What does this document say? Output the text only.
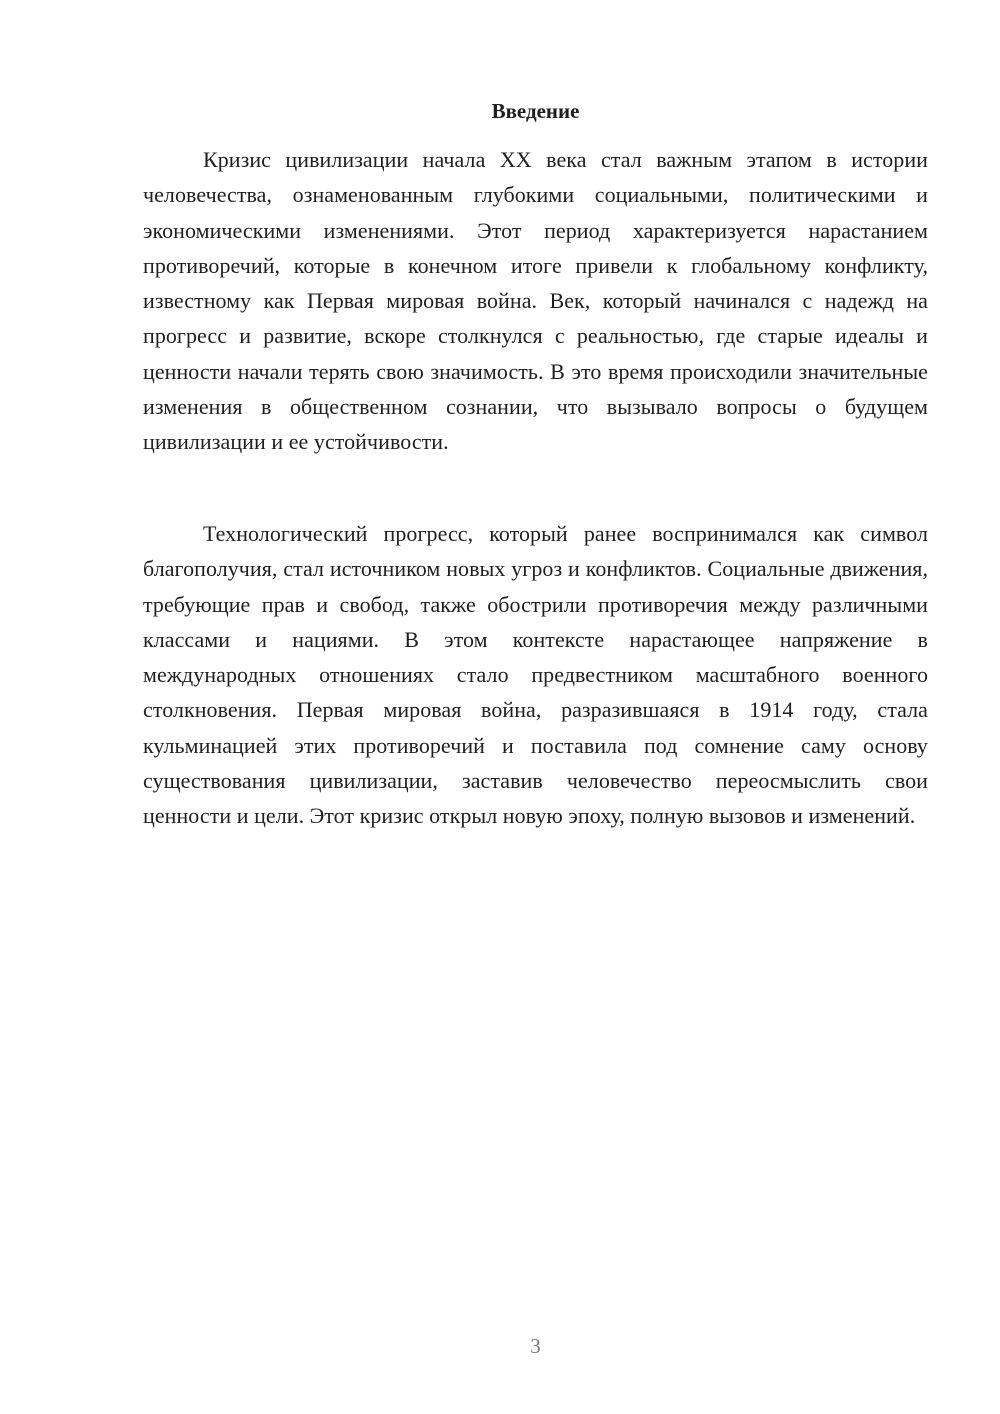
Введение

Кризис цивилизации начала XX века стал важным этапом в истории человечества, ознаменованным глубокими социальными, политическими и экономическими изменениями. Этот период характеризуется нарастанием противоречий, которые в конечном итоге привели к глобальному конфликту, известному как Первая мировая война. Век, который начинался с надежд на прогресс и развитие, вскоре столкнулся с реальностью, где старые идеалы и ценности начали терять свою значимость. В это время происходили значительные изменения в общественном сознании, что вызывало вопросы о будущем цивилизации и ее устойчивости.

Технологический прогресс, который ранее воспринимался как символ благополучия, стал источником новых угроз и конфликтов. Социальные движения, требующие прав и свобод, также обострили противоречия между различными классами и нациями. В этом контексте нарастающее напряжение в международных отношениях стало предвестником масштабного военного столкновения. Первая мировая война, разразившаяся в 1914 году, стала кульминацией этих противоречий и поставила под сомнение саму основу существования цивилизации, заставив человечество переосмыслить свои ценности и цели. Этот кризис открыл новую эпоху, полную вызовов и изменений.

3
